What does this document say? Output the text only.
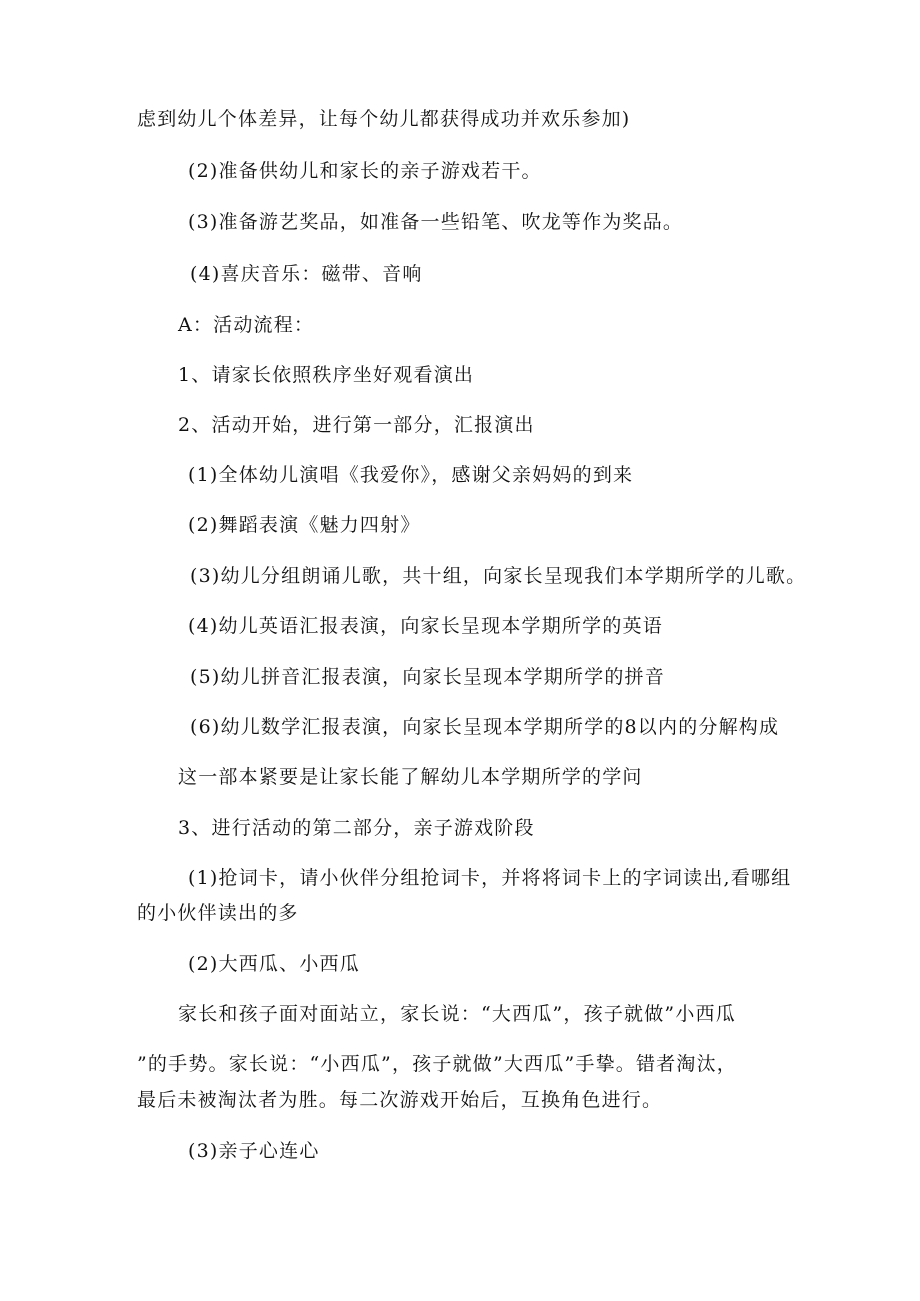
虑到幼儿个体差异，让每个幼儿都获得成功并欢乐参加)
(2)准备供幼儿和家长的亲子游戏若干。
(3)准备游艺奖品，如准备一些铅笔、吹龙等作为奖品。
(4)喜庆音乐：磁带、音响
A：活动流程：
1、请家长依照秩序坐好观看演出
2、活动开始，进行第一部分，汇报演出
(1)全体幼儿演唱《我爱你》，感谢父亲妈妈的到来
(2)舞蹈表演《魅力四射》
(3)幼儿分组朗诵儿歌，共十组，向家长呈现我们本学期所学的儿歌。
(4)幼儿英语汇报表演，向家长呈现本学期所学的英语
(5)幼儿拼音汇报表演，向家长呈现本学期所学的拼音
(6)幼儿数学汇报表演，向家长呈现本学期所学的8以内的分解构成
这一部本紧要是让家长能了解幼儿本学期所学的学问
3、进行活动的第二部分，亲子游戏阶段
(1)抢词卡，请小伙伴分组抢词卡，并将将词卡上的字词读出,看哪组
的小伙伴读出的多
(2)大西瓜、小西瓜
家长和孩子面对面站立，家长说：“大西瓜”，孩子就做”小西瓜
”的手势。家长说：“小西瓜”，孩子就做”大西瓜”手挚。错者淘汰，
最后未被淘汰者为胜。每二次游戏开始后，互换角色进行。
(3)亲子心连心
